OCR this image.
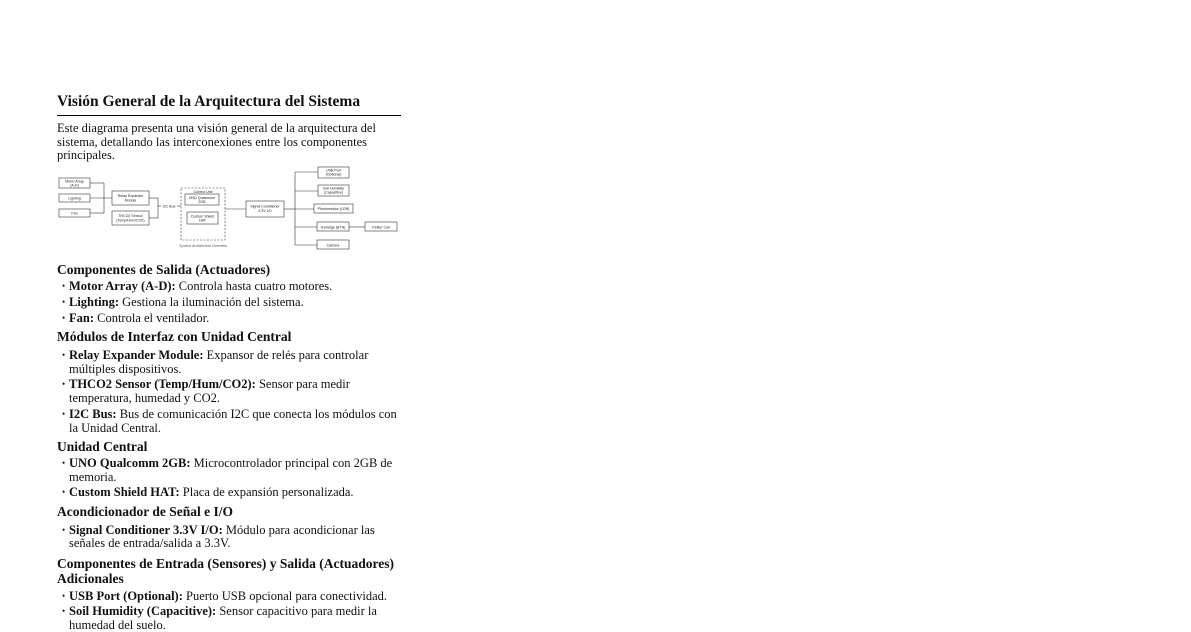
Visión General de la Arquitectura del Sistema

Este diagrama presenta una visión general de la arquitectura del sistema, detallando las interconexiones entre los componentes principales.

Motor Array
(A-D)
Lighting
Fan
Relay Expander
Module
THCO2 Sensor
(Temp/Hum/CO2)
I2C Bus
Control Unit
UNO Qualcomm
2GB
Custom Shield
HAT
Signal Conditioner
3.3V I/O
USB Port
(Optional)
Soil Humidity
(Capacitive)
Photoresistor (LDR)
H-Bridge (BTN)	Peltier Cell
Camera
System Architecture Overview
Componentes de Salida (Actuadores)
• Motor Array (A-D): Controla hasta cuatro motores.
• Lighting: Gestiona la iluminación del sistema.
• Fan: Controla el ventilador.
Módulos de Interfaz con Unidad Central
• Relay Expander Module: Expansor de relés para controlar múltiples dispositivos.
• THCO2 Sensor (Temp/Hum/CO2): Sensor para medir temperatura, humedad y CO2.
• I2C Bus: Bus de comunicación I2C que conecta los módulos con la Unidad Central.
Unidad Central
• UNO Qualcomm 2GB: Microcontrolador principal con 2GB de memoria.
• Custom Shield HAT: Placa de expansión personalizada.
Acondicionador de Señal e I/O
• Signal Conditioner 3.3V I/O: Módulo para acondicionar las señales de entrada/salida a 3.3V.
Componentes de Entrada (Sensores) y Salida (Actuadores) Adicionales
• USB Port (Optional): Puerto USB opcional para conectividad.
• Soil Humidity (Capacitive): Sensor capacitivo para medir la humedad del suelo.
